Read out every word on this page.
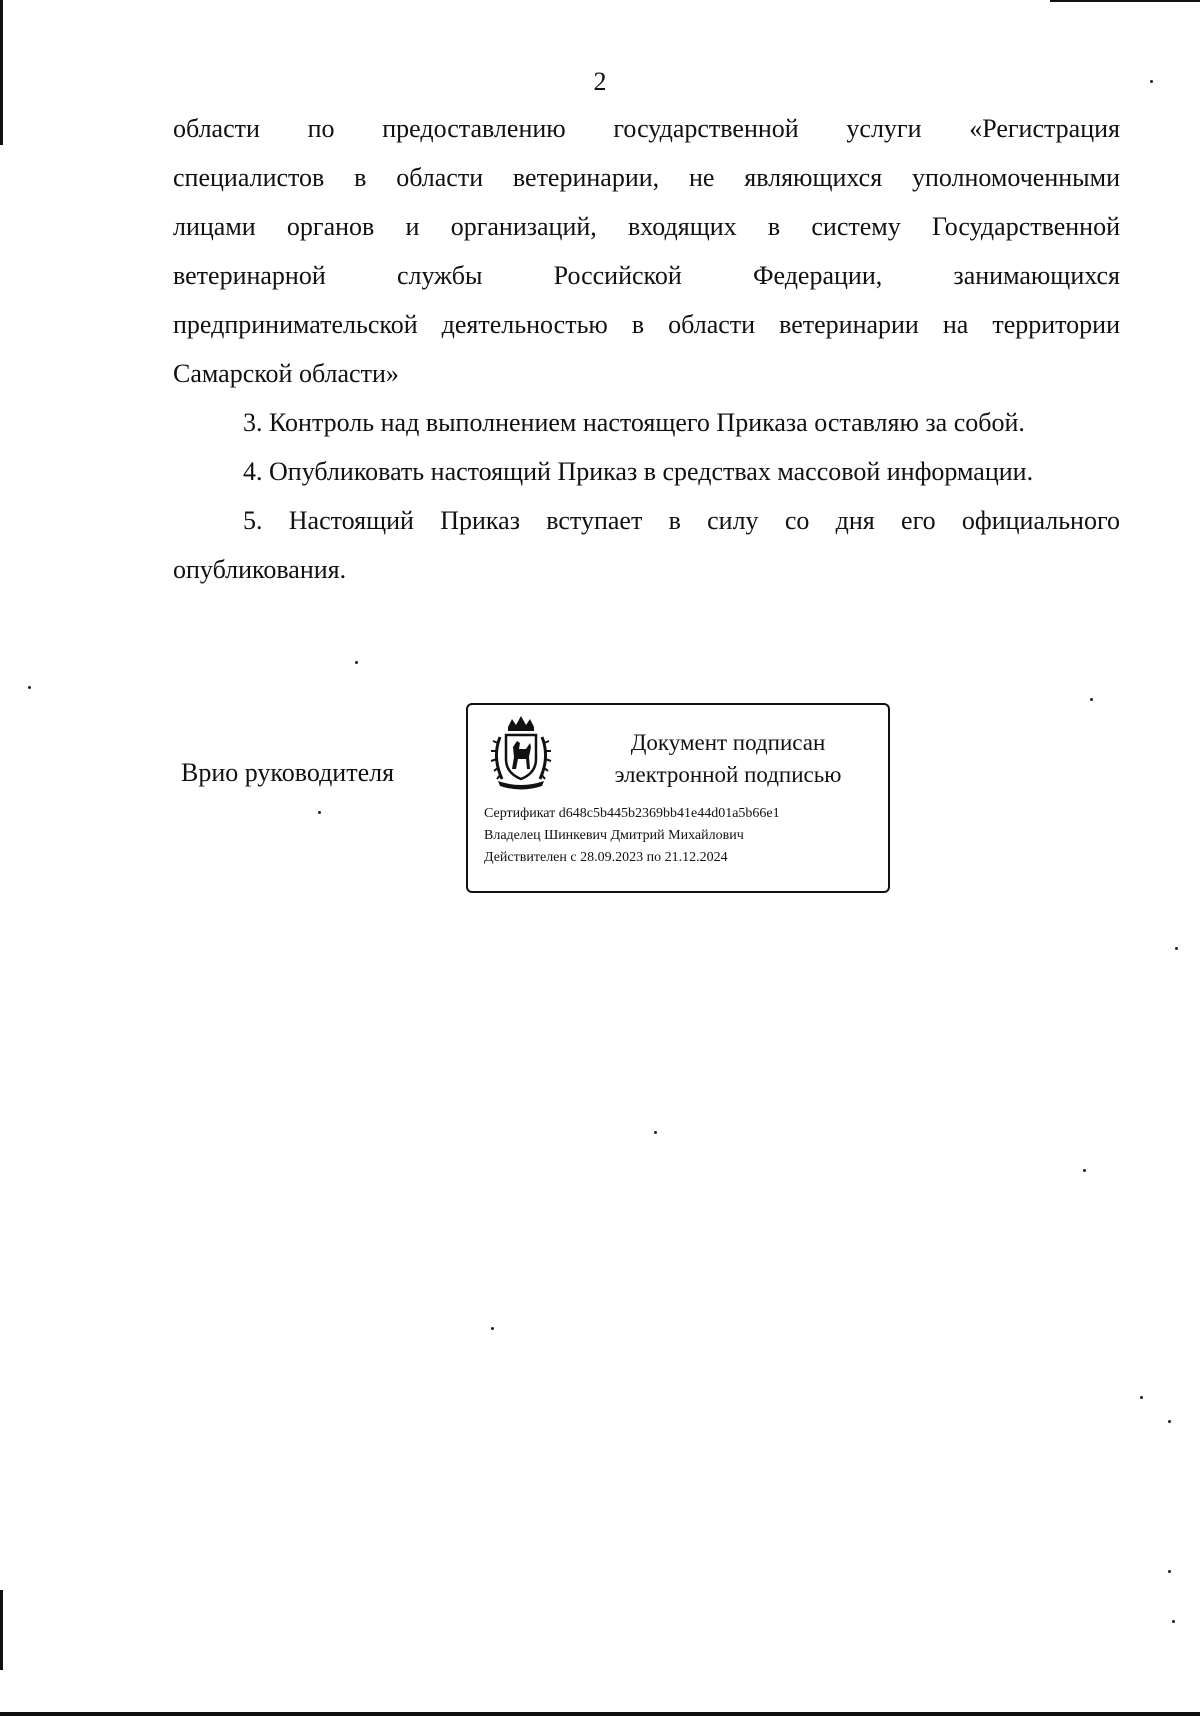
2
области по предоставлению государственной услуги «Регистрация
специалистов в области ветеринарии, не являющихся уполномоченными
лицами органов и организаций, входящих в систему Государственной
ветеринарной службы Российской Федерации, занимающихся
предпринимательской деятельностью в области ветеринарии на территории
Самарской области»
3. Контроль над выполнением настоящего Приказа оставляю за собой.
4. Опубликовать настоящий Приказ в средствах массовой информации.
5. Настоящий Приказ вступает в силу со дня его официального
опубликования.
Врио руководителя
Документ подписан
электронной подписью
Сертификат d648c5b445b2369bb41e44d01a5b66e1
Владелец Шинкевич Дмитрий Михайлович
Действителен с 28.09.2023 по 21.12.2024
